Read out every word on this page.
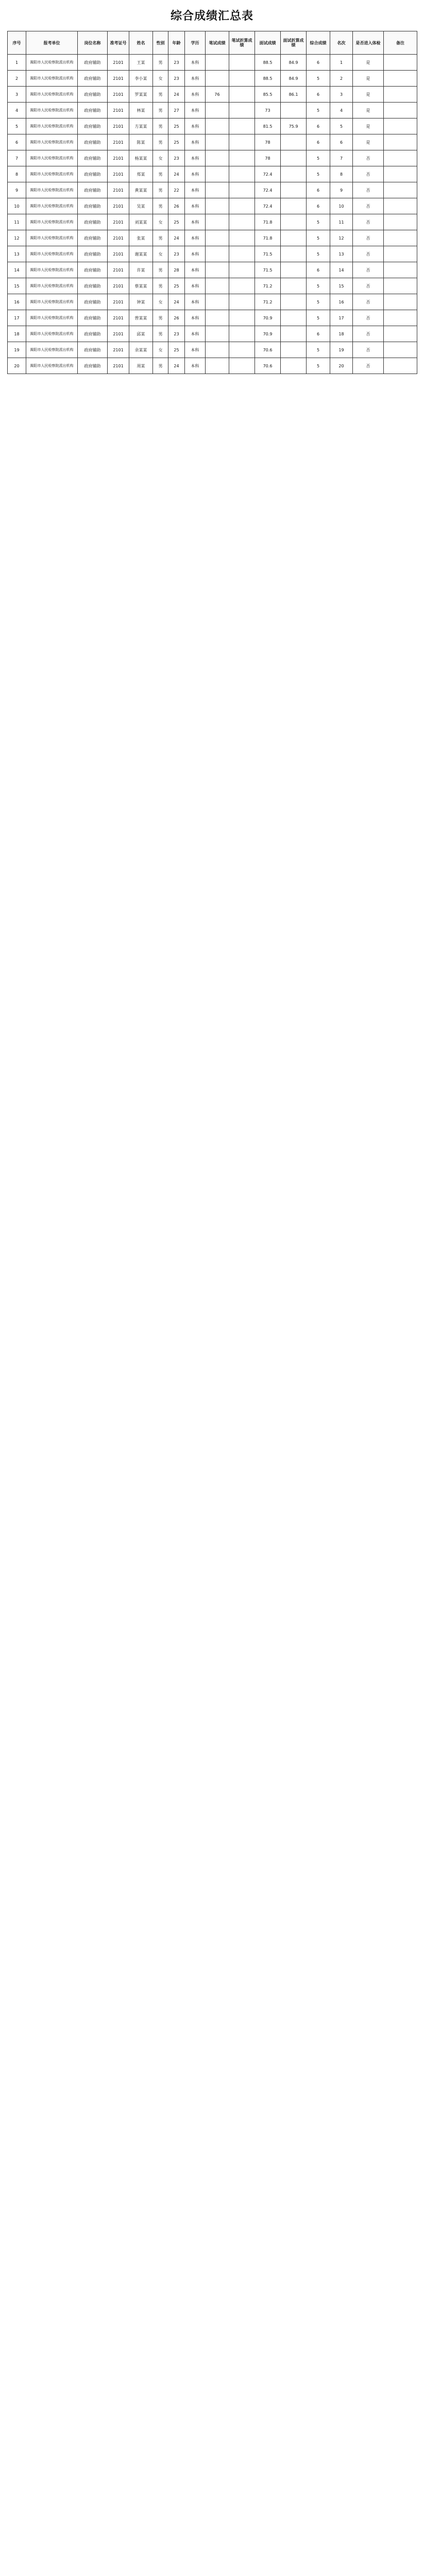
综合成绩汇总表
序号	报考单位	岗位名称	准考证号	姓名	性别	年龄	学历	笔试成绩	笔试折算成绩	面试成绩	面试折算成绩	综合成绩	名次	是否进入体检	备注
1	揭阳市人民检察院派出机构	政府辅助	2101	王某	男	23	本科			88.5	84.9	6	1	是	
2	揭阳市人民检察院派出机构	政府辅助	2101	李小某	女	23	本科			88.5	84.9	5	2	是	
3	揭阳市人民检察院派出机构	政府辅助	2101	罗某某	男	24	本科	76		85.5	86.1	6	3	是	
4	揭阳市人民检察院派出机构	政府辅助	2101	林某	男	27	本科			73		5	4	是	
5	揭阳市人民检察院派出机构	政府辅助	2101	方某某	男	25	本科			81.5	75.9	6	5	是	
6	揭阳市人民检察院派出机构	政府辅助	2101	陈某	男	25	本科			78		6	6	是	
7	揭阳市人民检察院派出机构	政府辅助	2101	杨某某	女	23	本科			78		5	7	否	
8	揭阳市人民检察院派出机构	政府辅助	2101	郑某	男	24	本科			72.4		5	8	否	
9	揭阳市人民检察院派出机构	政府辅助	2101	黄某某	男	22	本科			72.4		6	9	否	
10	揭阳市人民检察院派出机构	政府辅助	2101	吴某	男	26	本科			72.4		6	10	否	
11	揭阳市人民检察院派出机构	政府辅助	2101	刘某某	女	25	本科			71.8		5	11	否	
12	揭阳市人民检察院派出机构	政府辅助	2101	张某	男	24	本科			71.8		5	12	否	
13	揭阳市人民检察院派出机构	政府辅助	2101	谢某某	女	23	本科			71.5		5	13	否	
14	揭阳市人民检察院派出机构	政府辅助	2101	许某	男	28	本科			71.5		6	14	否	
15	揭阳市人民检察院派出机构	政府辅助	2101	蔡某某	男	25	本科			71.2		5	15	否	
16	揭阳市人民检察院派出机构	政府辅助	2101	钟某	女	24	本科			71.2		5	16	否	
17	揭阳市人民检察院派出机构	政府辅助	2101	曾某某	男	26	本科			70.9		5	17	否	
18	揭阳市人民检察院派出机构	政府辅助	2101	邱某	男	23	本科			70.9		6	18	否	
19	揭阳市人民检察院派出机构	政府辅助	2101	余某某	女	25	本科			70.6		5	19	否	
20	揭阳市人民检察院派出机构	政府辅助	2101	周某	男	24	本科			70.6		5	20	否	
